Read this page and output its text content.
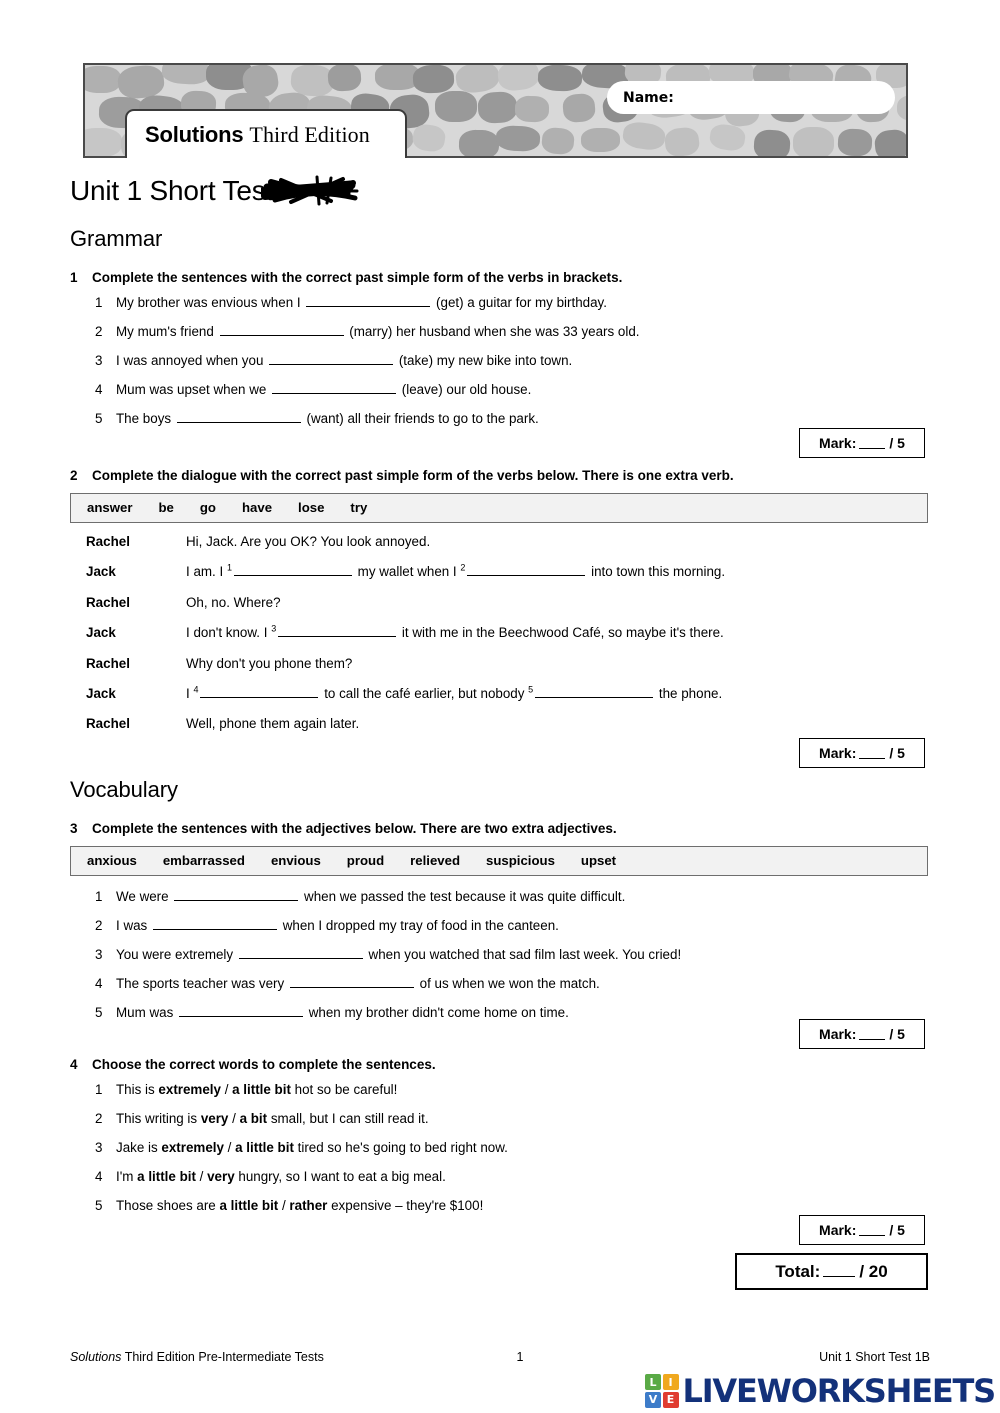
Solutions Third Edition
Name:
Unit 1 Short Test
Grammar
1	Complete the sentences with the correct past simple form of the verbs in brackets.
1	My brother was envious when I	(get) a guitar for my birthday.
2	My mum's friend	(marry) her husband when she was 33 years old.
3	I was annoyed when you	(take) my new bike into town.
4	Mum was upset when we	(leave) our old house.
5	The boys	(want) all their friends to go to the park.
Mark: / 5
2	Complete the dialogue with the correct past simple form of the verbs below. There is one extra verb.
answer be go have lose try
Rachel	Hi, Jack. Are you OK? You look annoyed.
Jack	I am. I $^1$	my wallet when I $^2$	into town this morning.
Rachel	Oh, no. Where?
Jack	I don't know. I $^3$	it with me in the Beechwood Café, so maybe it's there.
Rachel	Why don't you phone them?
Jack	I $^4$	to call the café earlier, but nobody $^5$	the phone.
Rachel	Well, phone them again later.
Mark: / 5
Vocabulary
3	Complete the sentences with the adjectives below. There are two extra adjectives.
anxious embarrassed envious proud relieved suspicious upset
1	We were	when we passed the test because it was quite difficult.
2	I was	when I dropped my tray of food in the canteen.
3	You were extremely	when you watched that sad film last week. You cried!
4	The sports teacher was very	of us when we won the match.
5	Mum was	when my brother didn't come home on time.
Mark: / 5
4	Choose the correct words to complete the sentences.
1	This is extremely / a little bit hot so be careful!
2	This writing is very / a bit small, but I can still read it.
3	Jake is extremely / a little bit tired so he's going to bed right now.
4	I'm a little bit / very hungry, so I want to eat a big meal.
5	Those shoes are a little bit / rather expensive – they're $100!
Mark: / 5
Total: / 20
Solutions Third Edition Pre-Intermediate Tests	1	Unit 1 Short Test 1B
L	I
V E LIVEWORKSHEETS
